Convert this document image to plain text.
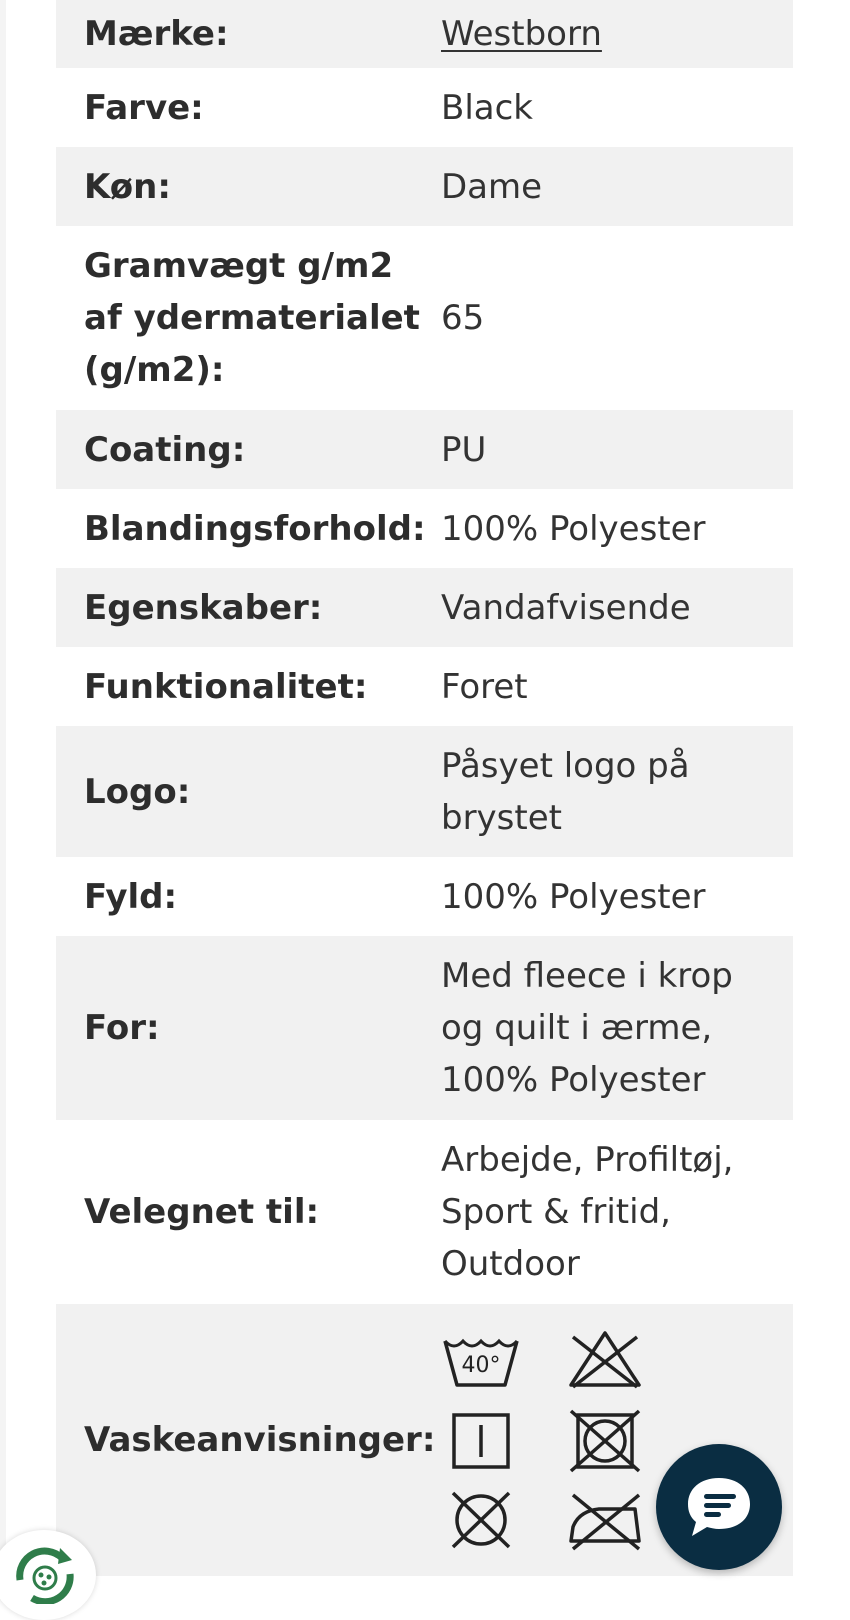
Mærke:	Westborn
Farve:	Black
Køn:	Dame
Gramvægt g/m2 af ydermaterialet (g/m2):
65
Coating:	PU
Blandingsforhold: 100% Polyester
Egenskaber:	Vandafvisende
Funktionalitet:	Foret
Logo:
Påsyet logo på brystet
Fyld:	100% Polyester
For:
Med fleece i krop og quilt i ærme, 100% Polyester
Velegnet til:
Arbejde, Profiltøj, Sport & fritid, Outdoor
Vaskeanvisninger:
40°
